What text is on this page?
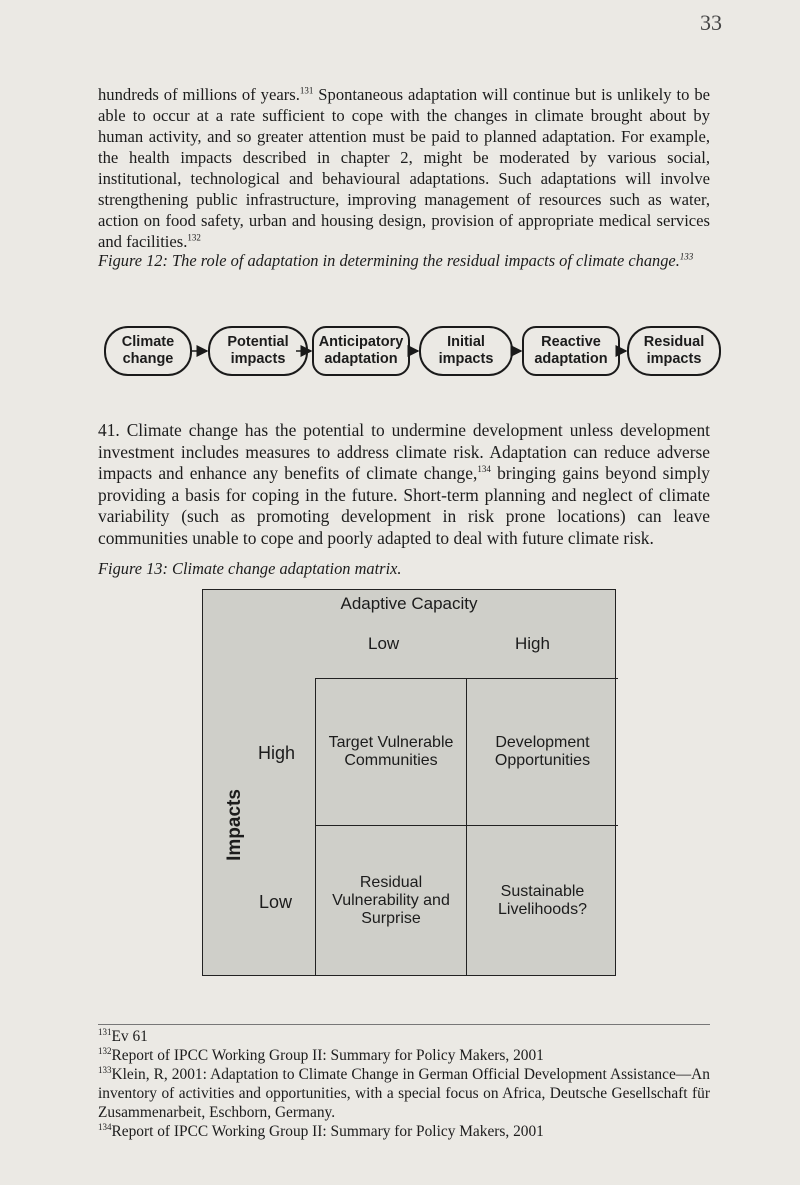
33

hundreds of millions of years.$^{131}$ Spontaneous adaptation will continue but is unlikely to be able to occur at a rate sufficient to cope with the changes in climate brought about by human activity, and so greater attention must be paid to planned adaptation. For example, the health impacts described in chapter 2, might be moderated by various social, institutional, technological and behavioural adaptations. Such adaptations will involve strengthening public infrastructure, improving management of resources such as water, action on food safety, urban and housing design, provision of appropriate medical services and facilities.$^{132}$

Figure 12: The role of adaptation in determining the residual impacts of climate change.$^{133}$

Climate
change
Potential
impacts
Anticipatory
adaptation
Initial
impacts
Reactive
adaptation
Residual
impacts

41. Climate change has the potential to undermine development unless development investment includes measures to address climate risk. Adaptation can reduce adverse impacts and enhance any benefits of climate change,$^{134}$ bringing gains beyond simply providing a basis for coping in the future. Short-term planning and neglect of climate variability (such as promoting development in risk prone locations) can leave communities unable to cope and poorly adapted to deal with future climate risk.

Figure 13: Climate change adaptation matrix.

Adaptive Capacity
Low	High
High
Low
Impacts
Target Vulnerable
Communities
Development
Opportunities
Residual
Vulnerability and
Surprise
Sustainable
Livelihoods?

$^{131}$Ev 61

$^{132}$Report of IPCC Working Group II: Summary for Policy Makers, 2001

$^{133}$Klein, R, 2001: Adaptation to Climate Change in German Official Development Assistance—An inventory of activities and opportunities, with a special focus on Africa, Deutsche Gesellschaft für Zusammenarbeit, Eschborn, Germany.

$^{134}$Report of IPCC Working Group II: Summary for Policy Makers, 2001
